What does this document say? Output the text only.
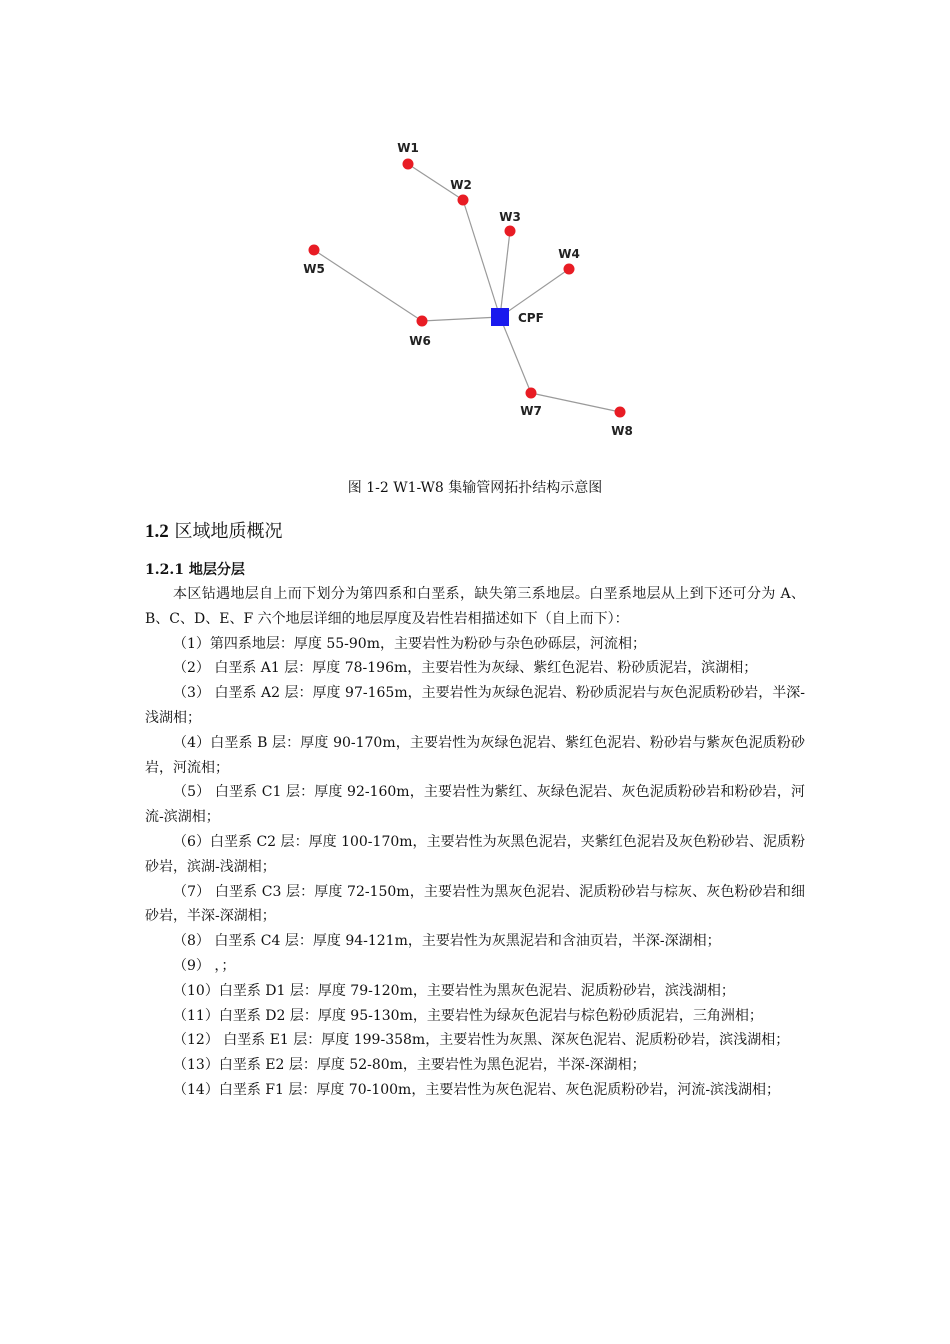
W1
W2
W3
W4
W5
W6
W7
W8
CPF
图 1-2 W1-W8 集输管网拓扑结构示意图
1.2 区域地质概况
1.2.1 地层分层

本区钻遇地层自上而下划分为第四系和白垩系，缺失第三系地层。白垩系地层从上到下还可分为 A、B、C、D、E、F 六个地层详细的地层厚度及岩性岩相描述如下（自上而下）：

（1）第四系地层：厚度 55-90m，主要岩性为粉砂与杂色砂砾层，河流相；

（2） 白垩系 A1 层：厚度 78-196m，主要岩性为灰绿、紫红色泥岩、粉砂质泥岩，滨湖相；

（3） 白垩系 A2 层：厚度 97-165m，主要岩性为灰绿色泥岩、粉砂质泥岩与灰色泥质粉砂岩，半深-浅湖相；

（4）白垩系 B 层：厚度 90-170m，主要岩性为灰绿色泥岩、紫红色泥岩、粉砂岩与紫灰色泥质粉砂岩，河流相；

（5） 白垩系 C1 层：厚度 92-160m，主要岩性为紫红、灰绿色泥岩、灰色泥质粉砂岩和粉砂岩，河流-滨湖相；

（6）白垩系 C2 层：厚度 100-170m，主要岩性为灰黑色泥岩，夹紫红色泥岩及灰色粉砂岩、泥质粉砂岩，滨湖-浅湖相；

（7） 白垩系 C3 层：厚度 72-150m，主要岩性为黑灰色泥岩、泥质粉砂岩与棕灰、灰色粉砂岩和细砂岩，半深-深湖相；

（8） 白垩系 C4 层：厚度 94-121m，主要岩性为灰黑泥岩和含油页岩，半深-深湖相；

（9） ，；

（10）白垩系 D1 层：厚度 79-120m，主要岩性为黑灰色泥岩、泥质粉砂岩，滨浅湖相；

（11）白垩系 D2 层：厚度 95-130m，主要岩性为绿灰色泥岩与棕色粉砂质泥岩，三角洲相；

（12） 白垩系 E1 层：厚度 199-358m，主要岩性为灰黑、深灰色泥岩、泥质粉砂岩，滨浅湖相；

（13）白垩系 E2 层：厚度 52-80m，主要岩性为黑色泥岩，半深-深湖相；

（14）白垩系 F1 层：厚度 70-100m，主要岩性为灰色泥岩、灰色泥质粉砂岩，河流-滨浅湖相；
